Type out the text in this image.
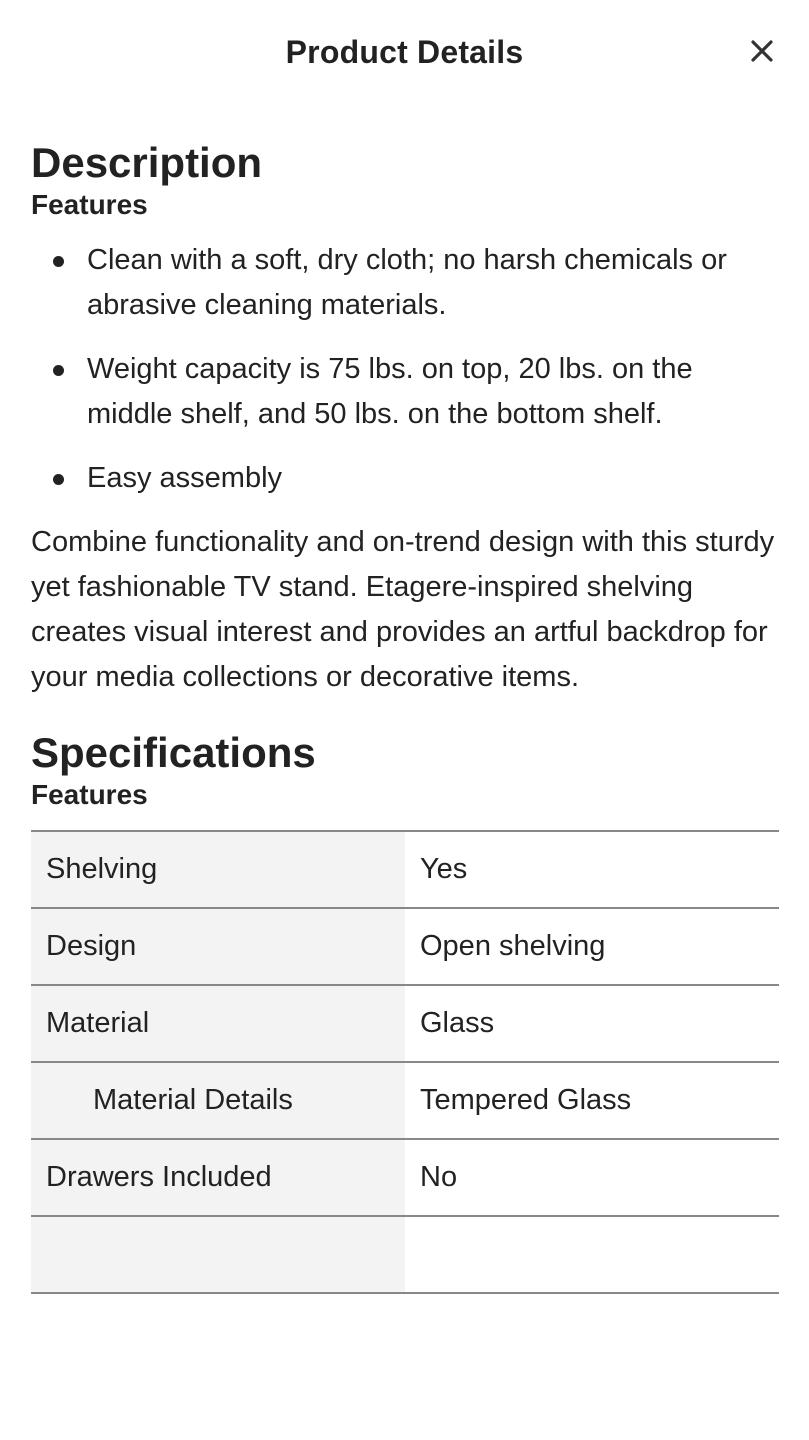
Product Details
Description
Features
Clean with a soft, dry cloth; no harsh chemicals or abrasive cleaning materials.
Weight capacity is 75 lbs. on top, 20 lbs. on the middle shelf, and 50 lbs. on the bottom shelf.
Easy assembly

Combine functionality and on-trend design with this sturdy yet fashionable TV stand. Etagere-inspired shelving creates visual interest and provides an artful backdrop for your media collections or decorative items.

Specifications
Features
Shelving	Yes
Design	Open shelving
Material	Glass
Material Details	Tempered Glass
Drawers Included	No
